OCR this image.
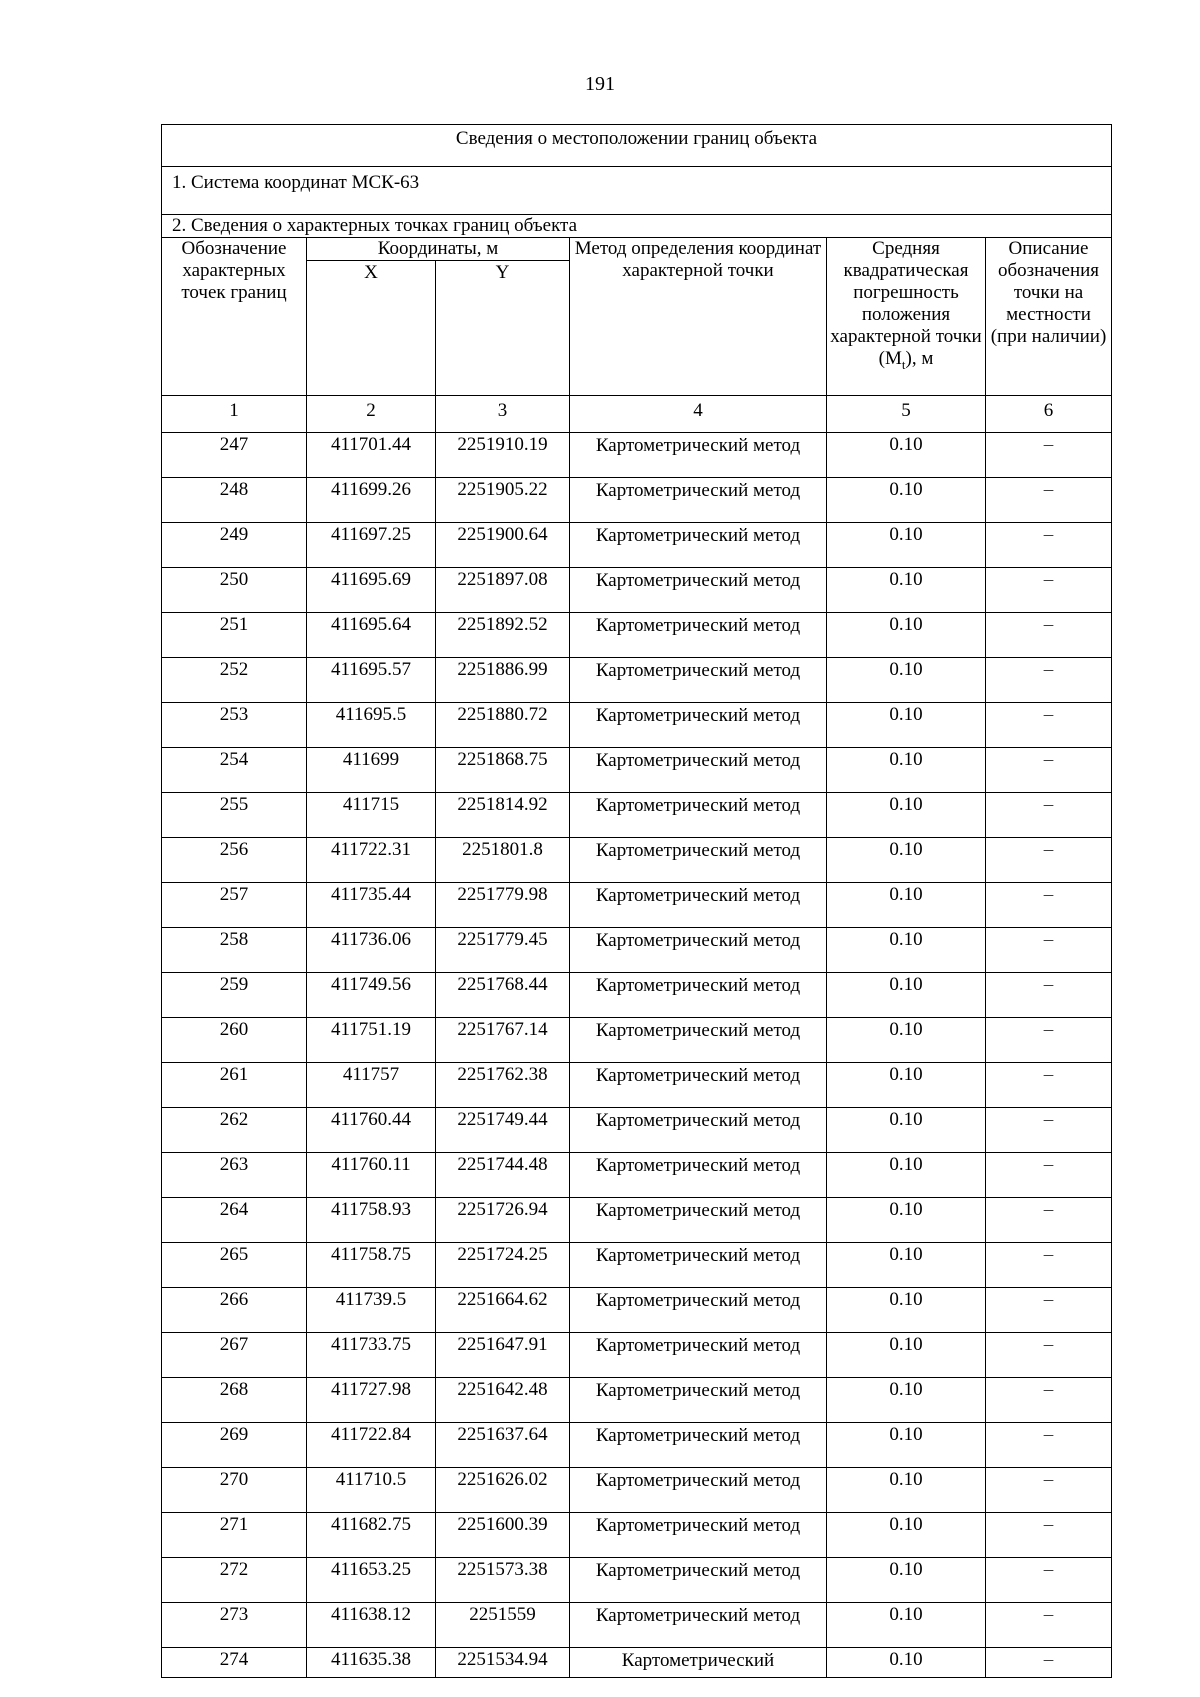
191
Сведения о местоположении границ объекта					
1. Система координат МСК-63					
2. Сведения о характерных точках границ объекта					
Обозначение характерных точек границ	Координаты, м		Метод определения координат характерной точки	Средняя квадратическая погрешность положения характерной точки $(M_t)$, м	Описание обозначения точки на местности (при наличии)
	X	Y			
1	2	3	4	5	6
247	411701.44	2251910.19	Картометрический метод	0.10	–
248	411699.26	2251905.22	Картометрический метод	0.10	–
249	411697.25	2251900.64	Картометрический метод	0.10	–
250	411695.69	2251897.08	Картометрический метод	0.10	–
251	411695.64	2251892.52	Картометрический метод	0.10	–
252	411695.57	2251886.99	Картометрический метод	0.10	–
253	411695.5	2251880.72	Картометрический метод	0.10	–
254	411699	2251868.75	Картометрический метод	0.10	–
255	411715	2251814.92	Картометрический метод	0.10	–
256	411722.31	2251801.8	Картометрический метод	0.10	–
257	411735.44	2251779.98	Картометрический метод	0.10	–
258	411736.06	2251779.45	Картометрический метод	0.10	–
259	411749.56	2251768.44	Картометрический метод	0.10	–
260	411751.19	2251767.14	Картометрический метод	0.10	–
261	411757	2251762.38	Картометрический метод	0.10	–
262	411760.44	2251749.44	Картометрический метод	0.10	–
263	411760.11	2251744.48	Картометрический метод	0.10	–
264	411758.93	2251726.94	Картометрический метод	0.10	–
265	411758.75	2251724.25	Картометрический метод	0.10	–
266	411739.5	2251664.62	Картометрический метод	0.10	–
267	411733.75	2251647.91	Картометрический метод	0.10	–
268	411727.98	2251642.48	Картометрический метод	0.10	–
269	411722.84	2251637.64	Картометрический метод	0.10	–
270	411710.5	2251626.02	Картометрический метод	0.10	–
271	411682.75	2251600.39	Картометрический метод	0.10	–
272	411653.25	2251573.38	Картометрический метод	0.10	–
273	411638.12	2251559	Картометрический метод	0.10	–
274	411635.38	2251534.94	Картометрический	0.10	–
